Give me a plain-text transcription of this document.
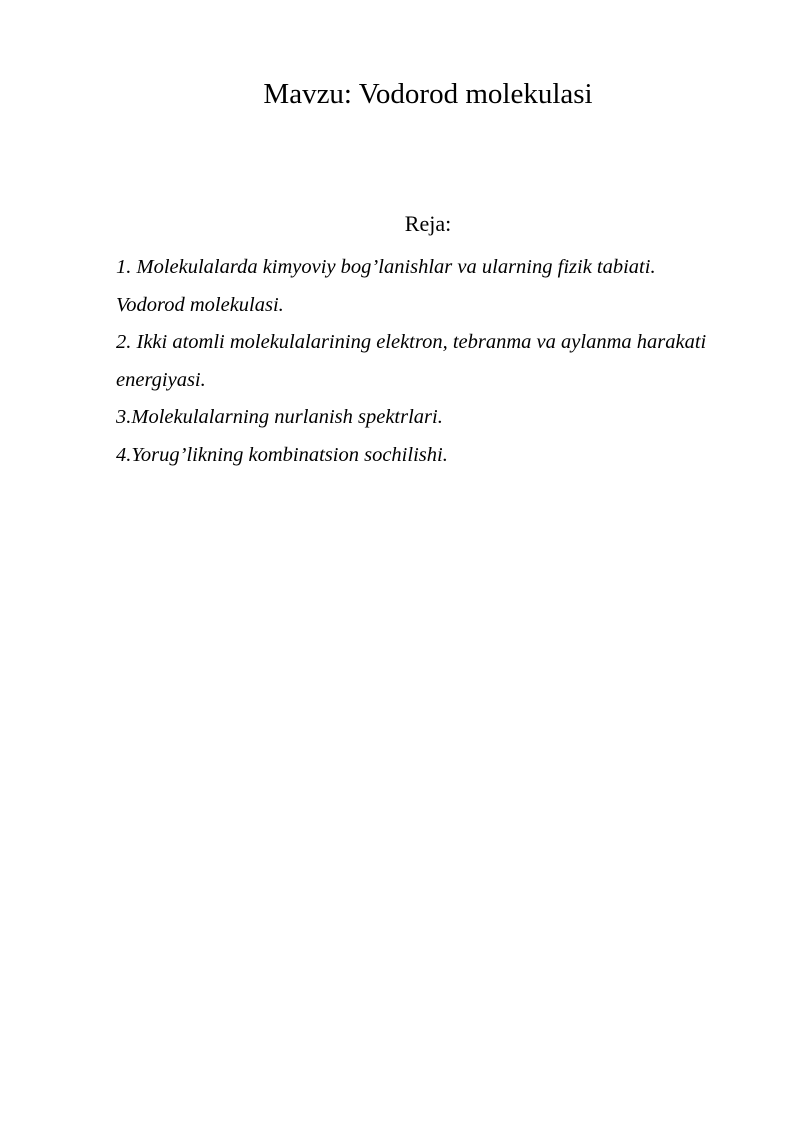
Mavzu: Vodorod molekulasi
Reja:
1. Molekulalarda kimyoviy bog’lanishlar va ularning fizik tabiati.
Vodorod molekulasi.
2. Ikki atomli molekulalarining elektron, tebranma va aylanma harakati
energiyasi.
3.Molekulalarning nurlanish spektrlari.
4.Yorug’likning kombinatsion sochilishi.
